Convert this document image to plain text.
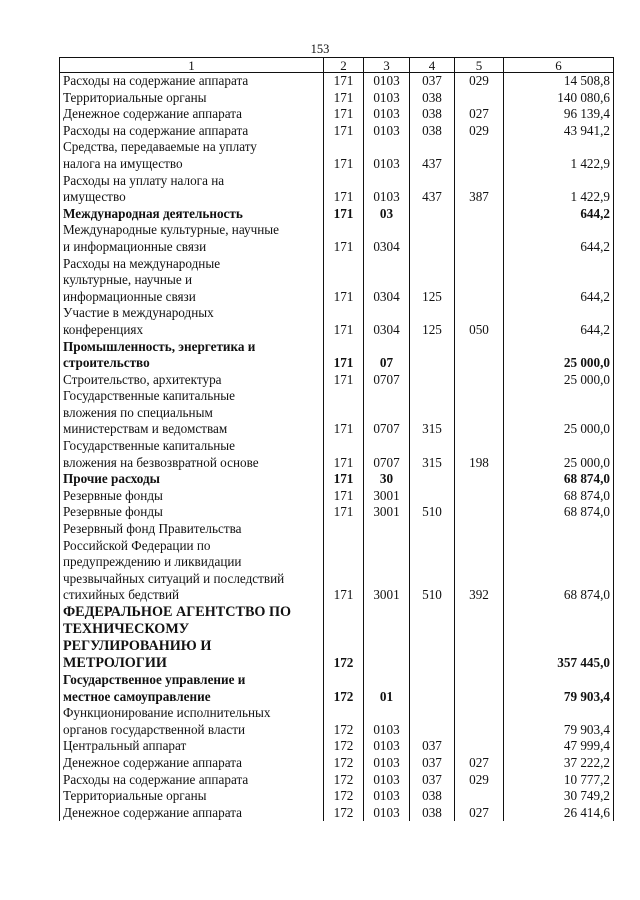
153
1	2	3	4	5	6
Расходы на содержание аппарата	171	0103	037	029	14 508,8
Территориальные органы	171	0103	038		140 080,6
Денежное содержание аппарата	171	0103	038	027	96 139,4
Расходы на содержание аппарата	171	0103	038	029	43 941,2
Средства, передаваемые на уплату
налога на имущество	171	0103	437		1 422,9
Расходы на уплату налога на
имущество	171	0103	437	387	1 422,9
Международная деятельность	171	03			644,2
Международные культурные, научные
и информационные связи	171	0304			644,2
Расходы на международные
культурные, научные и
информационные связи	171	0304	125		644,2
Участие в международных
конференциях	171	0304	125	050	644,2
Промышленность, энергетика и
строительство	171	07			25 000,0
Строительство, архитектура	171	0707			25 000,0
Государственные капитальные
вложения по специальным
министерствам и ведомствам	171	0707	315		25 000,0
Государственные капитальные
вложения на безвозвратной основе	171	0707	315	198	25 000,0
Прочие расходы	171	30			68 874,0
Резервные фонды	171	3001			68 874,0
Резервные фонды	171	3001	510		68 874,0
Резервный фонд Правительства
Российской Федерации по
предупреждению и ликвидации
чрезвычайных ситуаций и последствий
стихийных бедствий	171	3001	510	392	68 874,0
ФЕДЕРАЛЬНОЕ АГЕНТСТВО ПО
ТЕХНИЧЕСКОМУ
РЕГУЛИРОВАНИЮ И
МЕТРОЛОГИИ	172				357 445,0
Государственное управление и
местное самоуправление	172	01			79 903,4
Функционирование исполнительных
органов государственной власти	172	0103			79 903,4
Центральный аппарат	172	0103	037		47 999,4
Денежное содержание аппарата	172	0103	037	027	37 222,2
Расходы на содержание аппарата	172	0103	037	029	10 777,2
Территориальные органы	172	0103	038		30 749,2
Денежное содержание аппарата	172	0103	038	027	26 414,6
